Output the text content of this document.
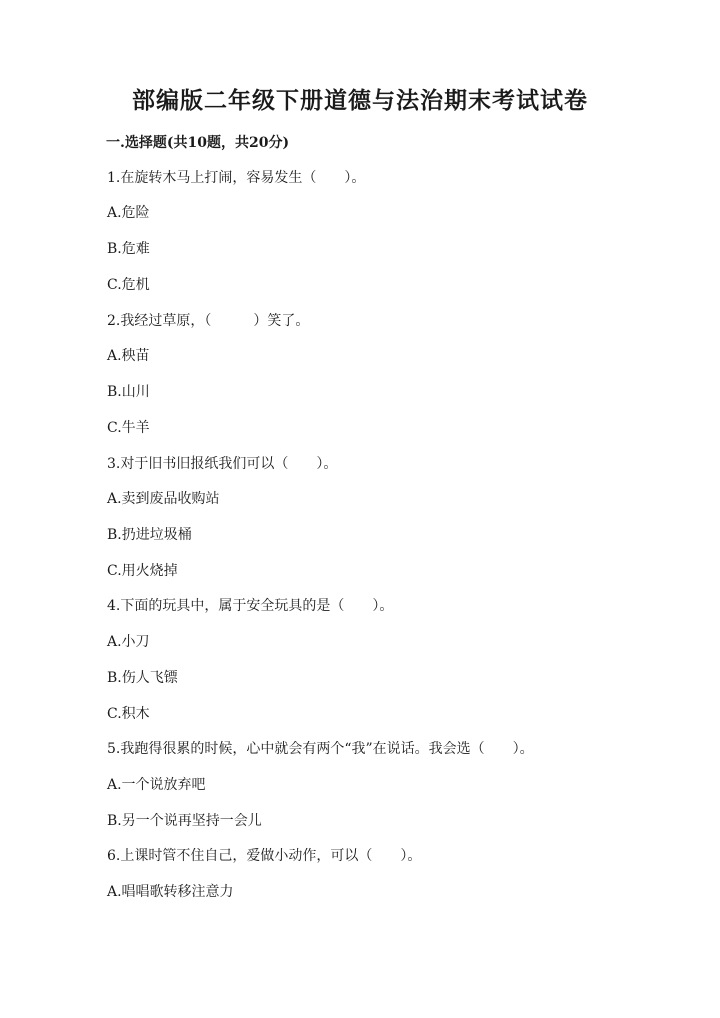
部编版二年级下册道德与法治期末考试试卷
一.选择题(共10题，共20分)
1.在旋转木马上打闹，容易发生（　　）。
A.危险
B.危难
C.危机
2.我经过草原，（　　　）笑了。
A.秧苗
B.山川
C.牛羊
3.对于旧书旧报纸我们可以（　　）。
A.卖到废品收购站
B.扔进垃圾桶
C.用火烧掉
4.下面的玩具中，属于安全玩具的是（　　）。
A.小刀
B.伤人飞镖
C.积木
5.我跑得很累的时候，心中就会有两个“我”在说话。我会选（　　）。
A.一个说放弃吧
B.另一个说再坚持一会儿
6.上课时管不住自己，爱做小动作，可以（　　）。
A.唱唱歌转移注意力
